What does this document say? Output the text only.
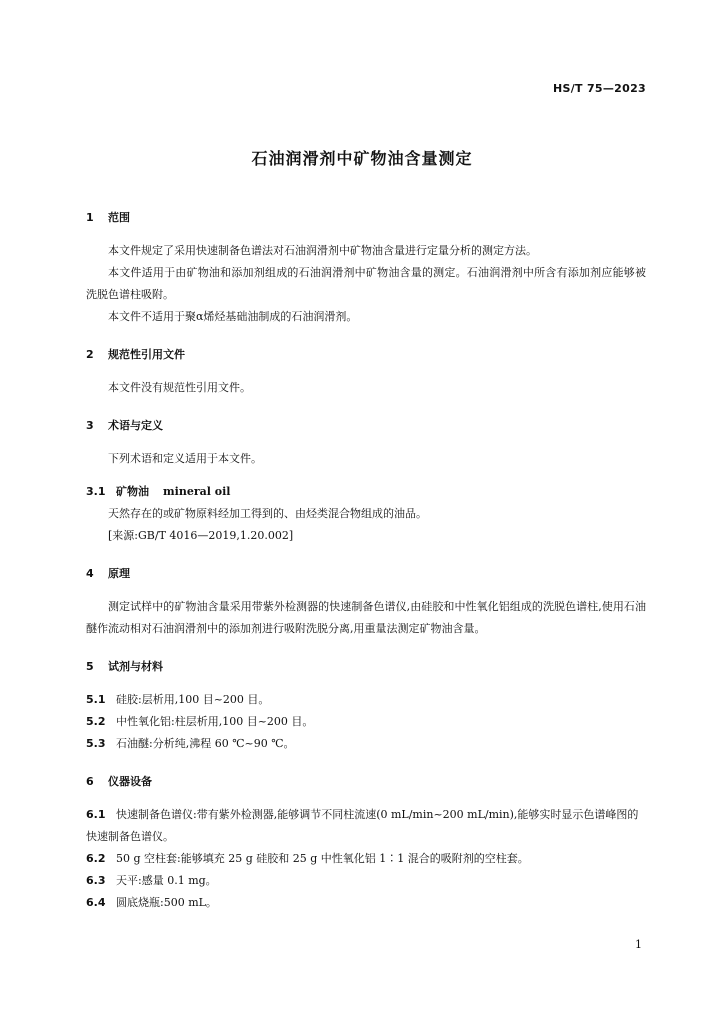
HS/T 75—2023
石油润滑剂中矿物油含量测定
1	范围
本文件规定了采用快速制备色谱法对石油润滑剂中矿物油含量进行定量分析的测定方法。
本文件适用于由矿物油和添加剂组成的石油润滑剂中矿物油含量的测定。石油润滑剂中所含有添加剂应能够被洗脱色谱柱吸附。
本文件不适用于聚α烯烃基础油制成的石油润滑剂。
2	规范性引用文件
本文件没有规范性引用文件。
3	术语与定义
下列术语和定义适用于本文件。
3.1 矿物油 mineral oil
天然存在的或矿物原料经加工得到的、由烃类混合物组成的油品。
[来源:GB/T 4016—2019,1.20.002]
4	原理
测定试样中的矿物油含量采用带紫外检测器的快速制备色谱仪,由硅胶和中性氧化铝组成的洗脱色谱柱,使用石油醚作流动相对石油润滑剂中的添加剂进行吸附洗脱分离,用重量法测定矿物油含量。
5	试剂与材料
5.1 硅胶:层析用,100 目~200 目。
5.2 中性氧化铝:柱层析用,100 目~200 目。
5.3 石油醚:分析纯,沸程 60 ℃~90 ℃。
6	仪器设备
6.1 快速制备色谱仪:带有紫外检测器,能够调节不同柱流速(0 mL/min~200 mL/min),能够实时显示色谱峰图的快速制备色谱仪。
6.2 50 g 空柱套:能够填充 25 g 硅胶和 25 g 中性氧化铝 1∶1 混合的吸附剂的空柱套。
6.3 天平:感量 0.1 mg。
6.4 圆底烧瓶:500 mL。
1
